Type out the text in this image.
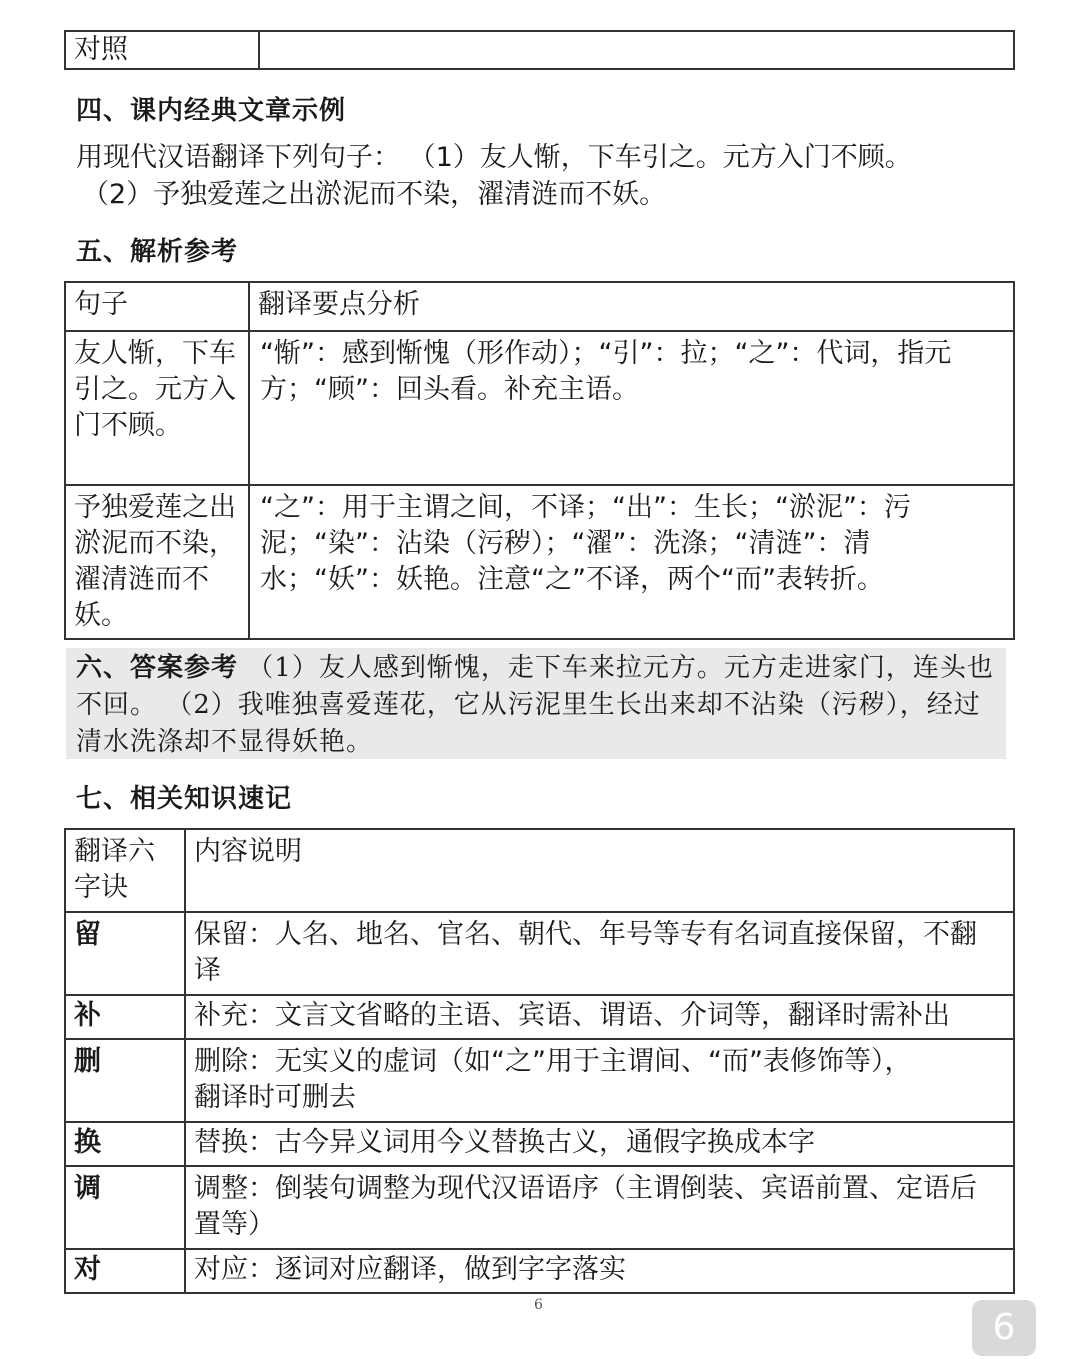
对照	
四、课内经典文章示例
用现代汉语翻译下列句子： （1）友人惭，下车引之。元方入门不顾。
（2）予独爱莲之出淤泥而不染，濯清涟而不妖。
五、解析参考
句子	翻译要点分析
友人惭，下车引之。元方入门不顾。	“惭”：感到惭愧（形作动）；“引”：拉；“之”：代词，指元方；“顾”：回头看。补充主语。
予独爱莲之出淤泥而不染，濯清涟而不妖。	“之”：用于主谓之间，不译；“出”：生长；“淤泥”：污泥；“染”：沾染（污秽）；“濯”：洗涤；“清涟”：清水；“妖”：妖艳。注意“之”不译，两个“而”表转折。
六、答案参考 （1）友人感到惭愧，走下车来拉元方。元方走进家门，连头也不回。 （2）我唯独喜爱莲花，它从污泥里生长出来却不沾染（污秽），经过清水洗涤却不显得妖艳。
七、相关知识速记
翻译六字诀	内容说明
留	保留：人名、地名、官名、朝代、年号等专有名词直接保留，不翻译
补	补充：文言文省略的主语、宾语、谓语、介词等，翻译时需补出
删	删除：无实义的虚词（如“之”用于主谓间、“而”表修饰等），翻译时可删去
换	替换：古今异义词用今义替换古义，通假字换成本字
调	调整：倒装句调整为现代汉语语序（主谓倒装、宾语前置、定语后置等）
对	对应：逐词对应翻译，做到字字落实
6
6
